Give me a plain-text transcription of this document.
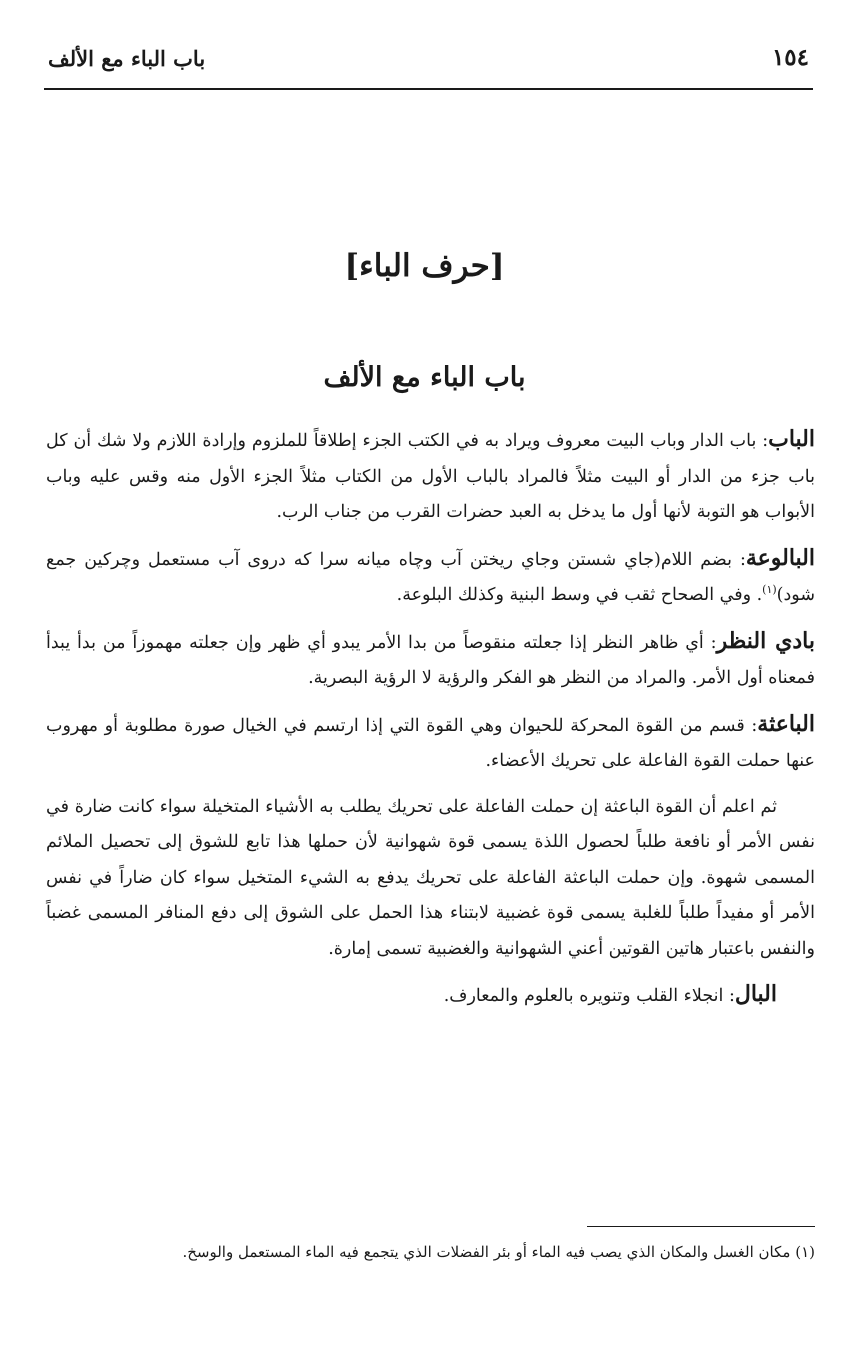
١٥٤
باب الباء مع الألف
[حرف الباء]
باب الباء مع الألف

الباب: باب الدار وباب البيت معروف ويراد به في الكتب الجزء إطلاقاً للملزوم وإرادة اللازم ولا شك أن كل باب جزء من الدار أو البيت مثلاً فالمراد بالباب الأول من الكتاب مثلاً الجزء الأول منه وقس عليه وباب الأبواب هو التوبة لأنها أول ما يدخل به العبد حضرات القرب من جناب الرب.

البالوعة: بضم اللام(جاي شستن وجاي ريختن آب وچاه ميانه سرا كه دروى آب مستعمل وچركين جمع شود)$^{(١)}$. وفي الصحاح ثقب في وسط البنية وكذلك البلوعة.

بادي النظر: أي ظاهر النظر إذا جعلته منقوصاً من بدا الأمر يبدو أي ظهر وإن جعلته مهموزاً من بدأ يبدأ فمعناه أول الأمر. والمراد من النظر هو الفكر والرؤية لا الرؤية البصرية.

الباعثة: قسم من القوة المحركة للحيوان وهي القوة التي إذا ارتسم في الخيال صورة مطلوبة أو مهروب عنها حملت القوة الفاعلة على تحريك الأعضاء.

ثم اعلم أن القوة الباعثة إن حملت الفاعلة على تحريك يطلب به الأشياء المتخيلة سواء كانت ضارة في نفس الأمر أو نافعة طلباً لحصول اللذة يسمى قوة شهوانية لأن حملها هذا تابع للشوق إلى تحصيل الملائم المسمى شهوة. وإن حملت الباعثة الفاعلة على تحريك يدفع به الشيء المتخيل سواء كان ضاراً في نفس الأمر أو مفيداً طلباً للغلبة يسمى قوة غضبية لابتناء هذا الحمل على الشوق إلى دفع المنافر المسمى غضباً والنفس باعتبار هاتين القوتين أعني الشهوانية والغضبية تسمى إمارة.

البال: انجلاء القلب وتنويره بالعلوم والمعارف.

(١) مكان الغسل والمكان الذي يصب فيه الماء أو بئر الفضلات الذي يتجمع فيه الماء المستعمل والوسخ.
